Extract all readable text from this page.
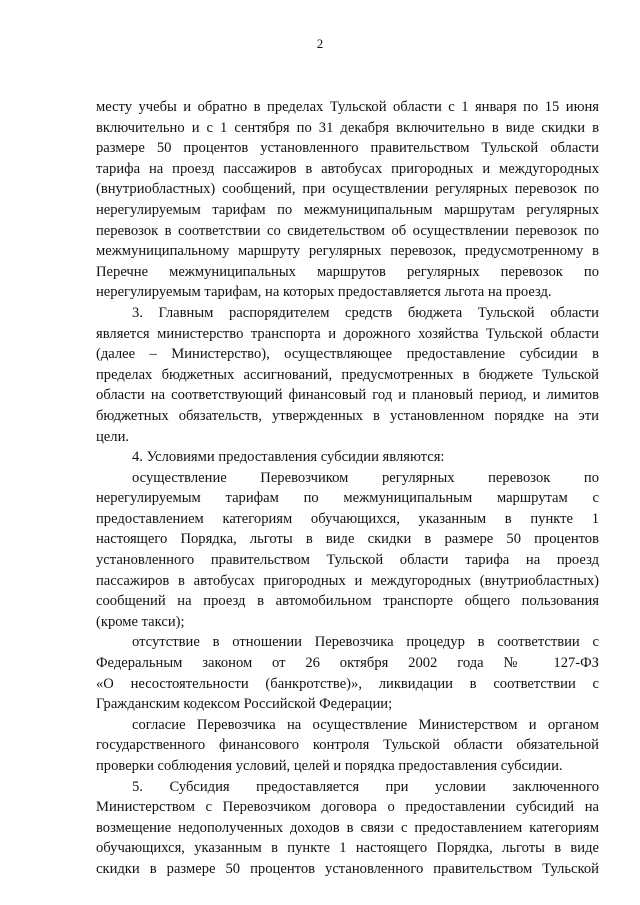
2
месту учебы и обратно в пределах Тульской области с 1 января по 15 июня
включительно и с 1 сентября по 31 декабря включительно в виде скидки в
размере 50 процентов установленного правительством Тульской области
тарифа на проезд пассажиров в автобусах пригородных и междугородных
(внутриобластных) сообщений, при осуществлении регулярных перевозок по
нерегулируемым тарифам по межмуниципальным маршрутам регулярных
перевозок в соответствии со свидетельством об осуществлении перевозок по
межмуниципальному маршруту регулярных перевозок, предусмотренному в
Перечне межмуниципальных маршрутов регулярных перевозок по
нерегулируемым тарифам, на которых предоставляется льгота на проезд.
3. Главным распорядителем средств бюджета Тульской области
является министерство транспорта и дорожного хозяйства Тульской области
(далее – Министерство), осуществляющее предоставление субсидии в
пределах бюджетных ассигнований, предусмотренных в бюджете Тульской
области на соответствующий финансовый год и плановый период, и лимитов
бюджетных обязательств, утвержденных в установленном порядке на эти
цели.
4. Условиями предоставления субсидии являются:
осуществление Перевозчиком регулярных перевозок по
нерегулируемым тарифам по межмуниципальным маршрутам с
предоставлением категориям обучающихся, указанным в пункте 1
настоящего Порядка, льготы в виде скидки в размере 50 процентов
установленного правительством Тульской области тарифа на проезд
пассажиров в автобусах пригородных и междугородных (внутриобластных)
сообщений на проезд в автомобильном транспорте общего пользования
(кроме такси);
отсутствие в отношении Перевозчика процедур в соответствии с
Федеральным законом от 26 октября 2002 года № 127-ФЗ
«О несостоятельности (банкротстве)», ликвидации в соответствии с
Гражданским кодексом Российской Федерации;
согласие Перевозчика на осуществление Министерством и органом
государственного финансового контроля Тульской области обязательной
проверки соблюдения условий, целей и порядка предоставления субсидии.
5. Субсидия предоставляется при условии заключенного
Министерством с Перевозчиком договора о предоставлении субсидий на
возмещение недополученных доходов в связи с предоставлением категориям
обучающихся, указанным в пункте 1 настоящего Порядка, льготы в виде
скидки в размере 50 процентов установленного правительством Тульской
